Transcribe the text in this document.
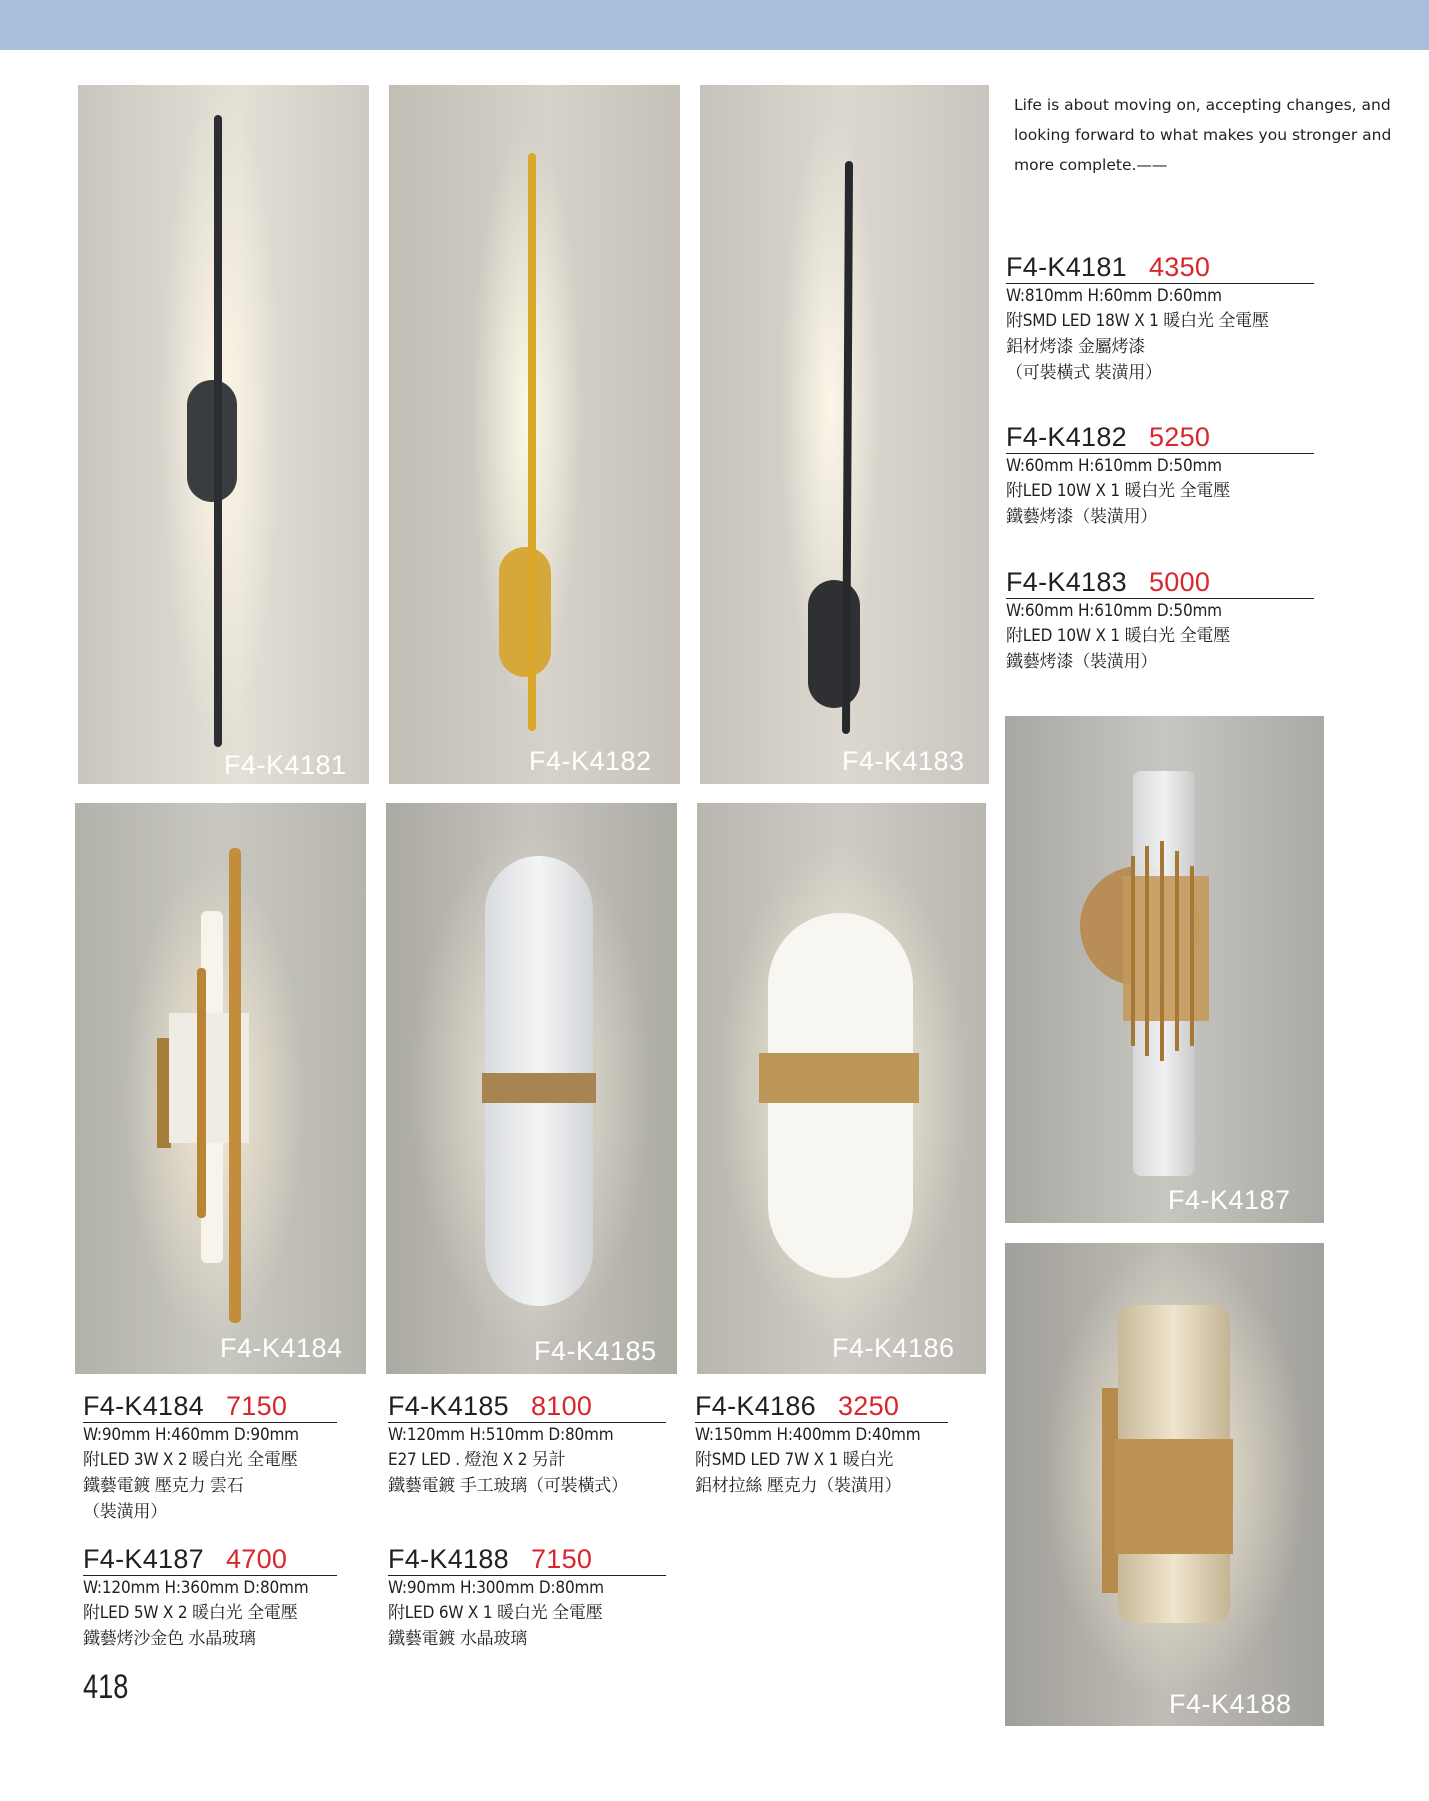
F4-K4181	F4-K4182	F4-K4183
F4-K4184	F4-K4185	F4-K4186
F4-K4187
F4-K4188
Life is about moving on, accepting changes, and looking forward to what makes you stronger and more complete.——
F4-K4181 4350
W:810mm H:60mm D:60mm
附SMD LED 18W X 1 暖白光 全電壓
鋁材烤漆 金屬烤漆
（可裝橫式 裝潢用）
F4-K4182 5250
W:60mm H:610mm D:50mm
附LED 10W X 1 暖白光 全電壓
鐵藝烤漆（裝潢用）
F4-K4183 5000
W:60mm H:610mm D:50mm
附LED 10W X 1 暖白光 全電壓
鐵藝烤漆（裝潢用）
F4-K4184 7150
W:90mm H:460mm D:90mm
附LED 3W X 2 暖白光 全電壓
鐵藝電鍍 壓克力 雲石
（裝潢用）
F4-K4185 8100
W:120mm H:510mm D:80mm
E27 LED . 燈泡 X 2 另計
鐵藝電鍍 手工玻璃（可裝橫式）
F4-K4186 3250
W:150mm H:400mm D:40mm
附SMD LED 7W X 1 暖白光
鋁材拉絲 壓克力（裝潢用）
F4-K4187 4700
W:120mm H:360mm D:80mm
附LED 5W X 2 暖白光 全電壓
鐵藝烤沙金色 水晶玻璃
F4-K4188 7150
W:90mm H:300mm D:80mm
附LED 6W X 1 暖白光 全電壓
鐵藝電鍍 水晶玻璃
418
